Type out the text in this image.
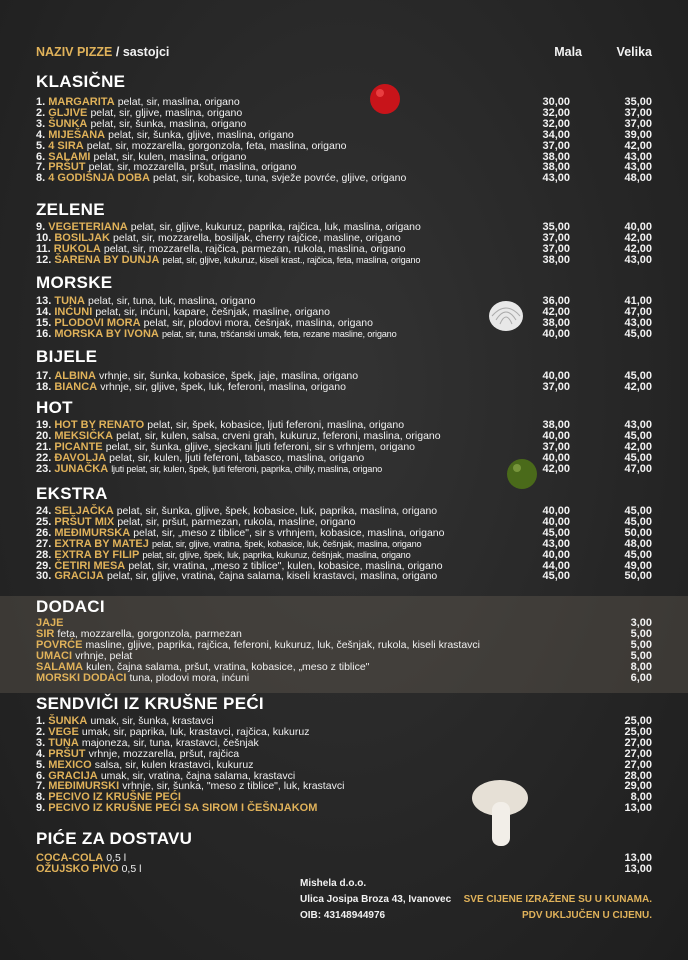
NAZIV PIZZE / sastojci	Mala	Velika
KLASIČNE
1. MARGARITA pelat, sir, maslina, origano	30,00	35,00
2. GLJIVE pelat, sir, gljive, maslina, origano	32,00	37,00
3. ŠUNKA pelat, sir, šunka, maslina, origano	32,00	37,00
4. MIJEŠANA pelat, sir, šunka, gljive, maslina, origano	34,00	39,00
5. 4 SIRA pelat, sir, mozzarella, gorgonzola, feta, maslina, origano	37,00	42,00
6. SALAMI pelat, sir, kulen, maslina, origano	38,00	43,00
7. PRŠUT pelat, sir, mozzarella, pršut, maslina, origano	38,00	43,00
8. 4 GODIŠNJA DOBA pelat, sir, kobasice, tuna, svježe povrće, gljive, origano	43,00	48,00
ZELENE
9. VEGETERIANA pelat, sir, gljive, kukuruz, paprika, rajčica, luk, maslina, origano	35,00	40,00
10. BOSILJAK pelat, sir, mozzarella, bosiljak, cherry rajčice, masline, origano	37,00	42,00
11. RUKOLA pelat, sir, mozzarella, rajčica, parmezan, rukola, maslina, origano	37,00	42,00
12. ŠARENA BY DUNJA pelat, sir, gljive, kukuruz, kiseli krast., rajčica, feta, maslina, origano	38,00	43,00
MORSKE
13. TUNA pelat, sir, tuna, luk, maslina, origano	36,00	41,00
14. INĆUNI pelat, sir, inćuni, kapare, češnjak, masline, origano	42,00	47,00
15. PLODOVI MORA pelat, sir, plodovi mora, češnjak, maslina, origano	38,00	43,00
16. MORSKA BY IVONA pelat, sir, tuna, tršćanski umak, feta, rezane masline, origano	40,00	45,00
BIJELE
17. ALBINA vrhnje, sir, šunka, kobasice, špek, jaje, maslina, origano	40,00	45,00
18. BIANCA vrhnje, sir, gljive, špek, luk, feferoni, maslina, origano	37,00	42,00
HOT
19. HOT BY RENATO pelat, sir, špek, kobasice, ljuti feferoni, maslina, origano	38,00	43,00
20. MEKSIČKA pelat, sir, kulen, salsa, crveni grah, kukuruz, feferoni, maslina, origano	40,00	45,00
21. PICANTE pelat, sir, šunka, gljive, sjeckani ljuti feferoni, sir s vrhnjem, origano	37,00	42,00
22. ĐAVOLJA pelat, sir, kulen, ljuti feferoni, tabasco, maslina, origano	40,00	45,00
23. JUNAČKA ljuti pelat, sir, kulen, špek, ljuti feferoni, paprika, chilly, maslina, origano	42,00	47,00
EKSTRA
24. SELJAČKA pelat, sir, šunka, gljive, špek, kobasice, luk, paprika, maslina, origano	40,00	45,00
25. PRŠUT MIX pelat, sir, pršut, parmezan, rukola, masline, origano	40,00	45,00
26. MEĐIMURSKA pelat, sir, „meso z tiblice", sir s vrhnjem, kobasice, maslina, origano	45,00	50,00
27. EXTRA BY MATEJ pelat, sir, gljive, vratina, špek, kobasice, luk, češnjak, maslina, origano	43,00	48,00
28. EXTRA BY FILIP pelat, sir, gljive, špek, luk, paprika, kukuruz, češnjak, maslina, origano	40,00	45,00
29. ČETIRI MESA pelat, sir, vratina, „meso z tiblice", kulen, kobasice, maslina, origano	44,00	49,00
30. GRACIJA pelat, sir, gljive, vratina, čajna salama, kiseli krastavci, maslina, origano	45,00	50,00
DODACI
JAJE	3,00
SIR feta, mozzarella, gorgonzola, parmezan	5,00
POVRĆE masline, gljive, paprika, rajčica, feferoni, kukuruz, luk, češnjak, rukola, kiseli krastavci	5,00
UMACI vrhnje, pelat	5,00
SALAMA kulen, čajna salama, pršut, vratina, kobasice, „meso z tiblice"	8,00
MORSKI DODACI tuna, plodovi mora, inćuni	6,00
SENDVIČI IZ KRUŠNE PEĆI
1. ŠUNKA umak, sir, šunka, krastavci	25,00
2. VEGE umak, sir, paprika, luk, krastavci, rajčica, kukuruz	25,00
3. TUNA majoneza, sir, tuna, krastavci, češnjak	27,00
4. PRŠUT vrhnje, mozzarella, pršut, rajčica	27,00
5. MEXICO salsa, sir, kulen krastavci, kukuruz	27,00
6. GRACIJA umak, sir, vratina, čajna salama, krastavci	28,00
7. MEĐIMURSKI vrhnje, sir, šunka, "meso z tiblice", luk, krastavci	29,00
8. PECIVO IZ KRUŠNE PEĆI	8,00
9. PECIVO IZ KRUŠNE PEĆI SA SIROM I ČEŠNJAKOM	13,00
PIĆE ZA DOSTAVU
COCA-COLA 0,5 l	13,00
OŽUJSKO PIVO 0,5 l	13,00
Mishela d.o.o.
Ulica Josipa Broza 43, Ivanovec
OIB: 43148944976
SVE CIJENE IZRAŽENE SU U KUNAMA.
PDV UKLJUČEN U CIJENU.
